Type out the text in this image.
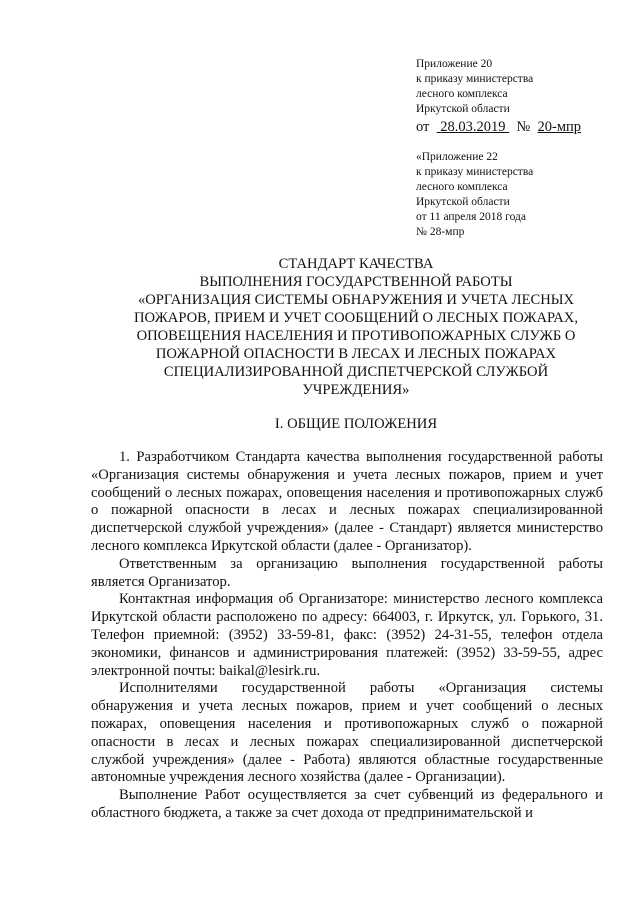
Приложение 20
к приказу министерства
лесного комплекса
Иркутской области
от 28.03.2019 № 20-мпр
«Приложение 22
к приказу министерства
лесного комплекса
Иркутской области
от 11 апреля 2018 года
№ 28-мпр
СТАНДАРТ КАЧЕСТВА
ВЫПОЛНЕНИЯ ГОСУДАРСТВЕННОЙ РАБОТЫ
«ОРГАНИЗАЦИЯ СИСТЕМЫ ОБНАРУЖЕНИЯ И УЧЕТА ЛЕСНЫХ
ПОЖАРОВ, ПРИЕМ И УЧЕТ СООБЩЕНИЙ О ЛЕСНЫХ ПОЖАРАХ,
ОПОВЕЩЕНИЯ НАСЕЛЕНИЯ И ПРОТИВОПОЖАРНЫХ СЛУЖБ О
ПОЖАРНОЙ ОПАСНОСТИ В ЛЕСАХ И ЛЕСНЫХ ПОЖАРАХ
СПЕЦИАЛИЗИРОВАННОЙ ДИСПЕТЧЕРСКОЙ СЛУЖБОЙ
УЧРЕЖДЕНИЯ»
I. ОБЩИЕ ПОЛОЖЕНИЯ

1. Разработчиком Стандарта качества выполнения государственной работы «Организация системы обнаружения и учета лесных пожаров, прием и учет сообщений о лесных пожарах, оповещения населения и противопожарных служб о пожарной опасности в лесах и лесных пожарах специализированной диспетчерской службой учреждения» (далее - Стандарт) является министерство лесного комплекса Иркутской области (далее - Организатор).

Ответственным за организацию выполнения государственной работы является Организатор.

Контактная информация об Организаторе: министерство лесного комплекса Иркутской области расположено по адресу: 664003, г. Иркутск, ул. Горького, 31. Телефон приемной: (3952) 33-59-81, факс: (3952) 24-31-55, телефон отдела экономики, финансов и администрирования платежей: (3952) 33-59-55, адрес электронной почты: baikal@lesirk.ru.

Исполнителями государственной работы «Организация системы обнаружения и учета лесных пожаров, прием и учет сообщений о лесных пожарах, оповещения населения и противопожарных служб о пожарной опасности в лесах и лесных пожарах специализированной диспетчерской службой учреждения» (далее - Работа) являются областные государственные автономные учреждения лесного хозяйства (далее - Организации).

Выполнение Работ осуществляется за счет субвенций из федерального и областного бюджета, а также за счет дохода от предпринимательской и
